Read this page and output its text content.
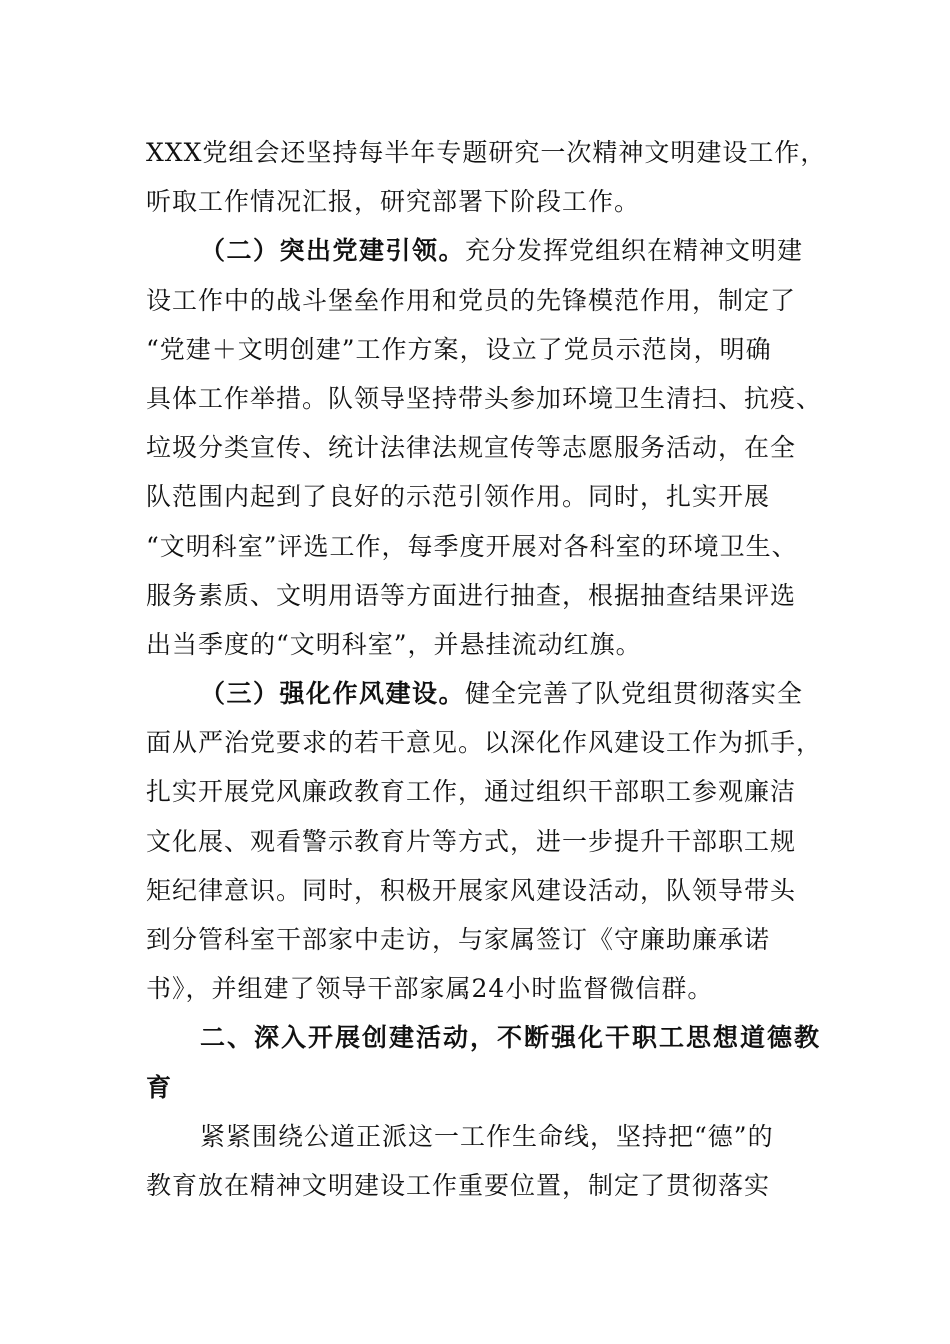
XXX党组会还坚持每半年专题研究一次精神文明建设工作，
听取工作情况汇报，研究部署下阶段工作。
（二）突出党建引领。充分发挥党组织在精神文明建
设工作中的战斗堡垒作用和党员的先锋模范作用，制定了
“党建＋文明创建”工作方案，设立了党员示范岗，明确
具体工作举措。队领导坚持带头参加环境卫生清扫、抗疫、
垃圾分类宣传、统计法律法规宣传等志愿服务活动，在全
队范围内起到了良好的示范引领作用。同时，扎实开展
“文明科室”评选工作，每季度开展对各科室的环境卫生、
服务素质、文明用语等方面进行抽查，根据抽查结果评选
出当季度的“文明科室”，并悬挂流动红旗。
（三）强化作风建设。健全完善了队党组贯彻落实全
面从严治党要求的若干意见。以深化作风建设工作为抓手，
扎实开展党风廉政教育工作，通过组织干部职工参观廉洁
文化展、观看警示教育片等方式，进一步提升干部职工规
矩纪律意识。同时，积极开展家风建设活动，队领导带头
到分管科室干部家中走访，与家属签订《守廉助廉承诺
书》，并组建了领导干部家属24小时监督微信群。
二、深入开展创建活动，不断强化干职工思想道德教
育
紧紧围绕公道正派这一工作生命线，坚持把“德”的
教育放在精神文明建设工作重要位置，制定了贯彻落实
